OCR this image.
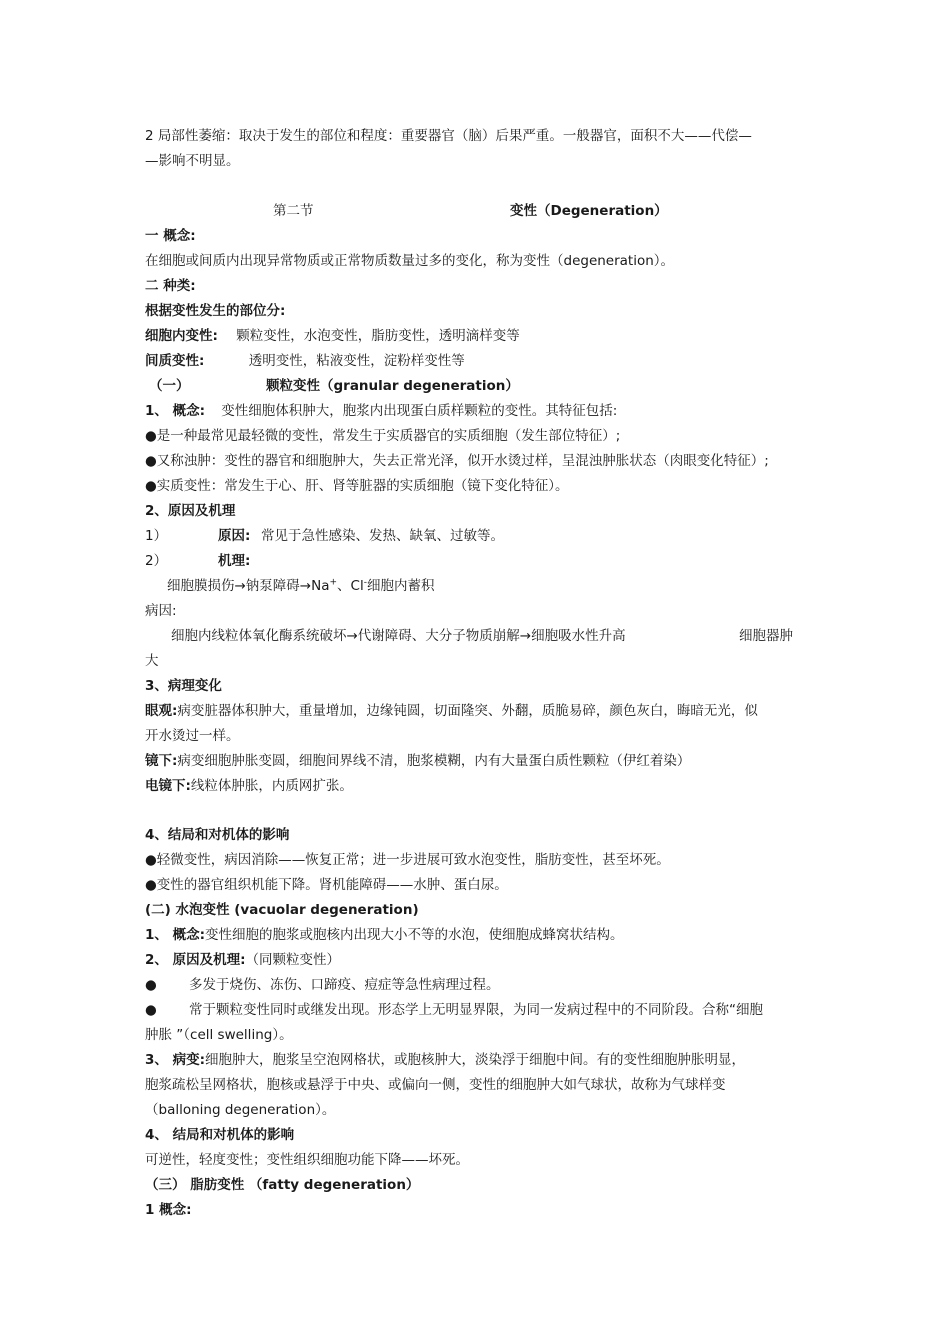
2 局部性萎缩：取决于发生的部位和程度：重要器官（脑）后果严重。一般器官，面积不大——代偿—
—影响不明显。
第二节	变性（Degeneration）
一 概念:
在细胞或间质内出现异常物质或正常物质数量过多的变化，称为变性（degeneration）。
二 种类:
根据变性发生的部位分:
细胞内变性: 颗粒变性，水泡变性，脂肪变性，透明滴样变等
间质变性:	透明变性，粘液变性，淀粉样变性等
（一）	颗粒变性（granular degeneration）
1、 概念: 变性细胞体积肿大，胞浆内出现蛋白质样颗粒的变性。其特征包括:
●是一种最常见最轻微的变性，常发生于实质器官的实质细胞（发生部位特征）;
●又称浊肿：变性的器官和细胞肿大，失去正常光泽，似开水烫过样，呈混浊肿胀状态（肉眼变化特征）;
●实质变性：常发生于心、肝、肾等脏器的实质细胞（镜下变化特征）。
2、原因及机理
1）	原因: 常见于急性感染、发热、缺氧、过敏等。
2）	机理:
细胞膜损伤→钠泵障碍→Na+、Cl-细胞内蓄积
病因:
细胞内线粒体氧化酶系统破坏→代谢障碍、大分子物质崩解→细胞吸水性升高	细胞器肿
大
3、病理变化
眼观:病变脏器体积肿大，重量增加，边缘钝圆，切面隆突、外翻，质脆易碎，颜色灰白，晦暗无光，似
开水烫过一样。
镜下:病变细胞肿胀变圆，细胞间界线不清，胞浆模糊，内有大量蛋白质性颗粒（伊红着染）
电镜下:线粒体肿胀，内质网扩张。
4、结局和对机体的影响
●轻微变性，病因消除——恢复正常；进一步进展可致水泡变性，脂肪变性，甚至坏死。
●变性的器官组织机能下降。肾机能障碍——水肿、蛋白尿。
(二) 水泡变性 (vacuolar degeneration)
1、 概念:变性细胞的胞浆或胞核内出现大小不等的水泡，使细胞成蜂窝状结构。
2、 原因及机理:（同颗粒变性）
● 多发于烧伤、冻伤、口蹄疫、痘症等急性病理过程。
● 常于颗粒变性同时或继发出现。形态学上无明显界限，为同一发病过程中的不同阶段。合称“细胞
肿胀 ”（cell swelling）。
3、 病变:细胞肿大，胞浆呈空泡网格状，或胞核肿大，淡染浮于细胞中间。有的变性细胞肿胀明显，
胞浆疏松呈网格状，胞核或悬浮于中央、或偏向一侧，变性的细胞肿大如气球状，故称为气球样变
（balloning degeneration）。
4、 结局和对机体的影响
可逆性，轻度变性；变性组织细胞功能下降——坏死。
（三） 脂肪变性 （fatty degeneration）
1 概念:
